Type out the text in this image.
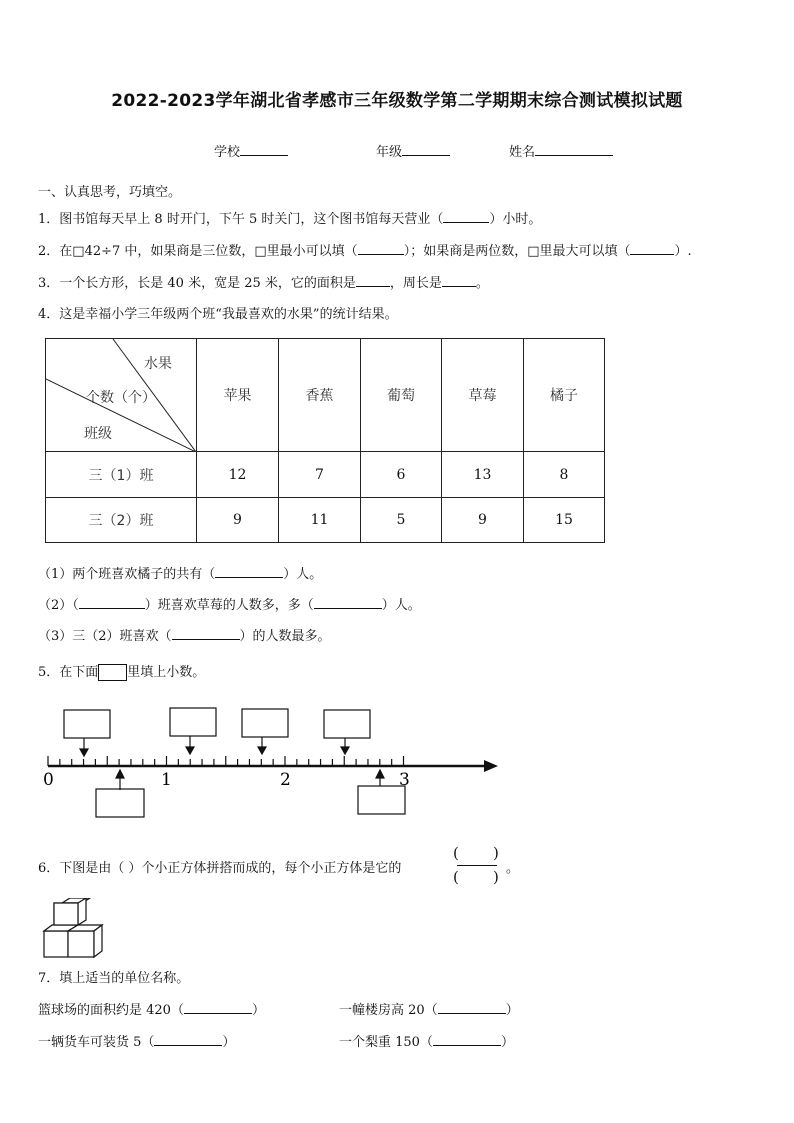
2022-2023学年湖北省孝感市三年级数学第二学期期末综合测试模拟试题
学校	年级	姓名
一、认真思考，巧填空。
1．图书馆每天早上 8 时开门，下午 5 时关门，这个图书馆每天营业（	）小时。
2．在□42÷7 中，如果商是三位数，□里最小可以填（	）；如果商是两位数，□里最大可以填（	）.
3．一个长方形，长是 40 米，宽是 25 米，它的面积是	，周长是	。
4．这是幸福小学三年级两个班“我最喜欢的水果”的统计结果。
水果
个数（个）
班级	苹果	香蕉	葡萄	草莓	橘子
三（1）班	12	7	6	13	8
三（2）班	9	11	5	9	15
（1）两个班喜欢橘子的共有（	）人。
（2）（	）班喜欢草莓的人数多，多（	）人。
（3）三（2）班喜欢（	）的人数最多。
5．在下面 里填上小数。
0	1	2	3
6．下图是由（ ）个小正方体拼搭而成的，每个小正方体是它的
( )
( ) 。
7．填上适当的单位名称。
篮球场的面积约是 420（	）	一幢楼房高 20（	）
一辆货车可装货 5（	）	一个梨重 150（	）
